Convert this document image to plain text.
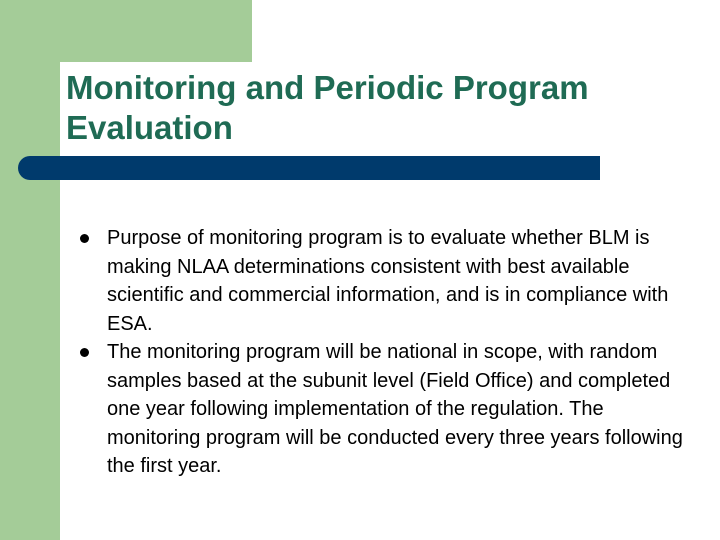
Monitoring and Periodic Program Evaluation
Purpose of monitoring program is to evaluate whether BLM is making NLAA determinations consistent with best available scientific and commercial information, and is in compliance with ESA.
The monitoring program will be national in scope, with random samples based at the subunit level (Field Office) and completed one year following implementation of the regulation. The monitoring program will be conducted every three years following the first year.
